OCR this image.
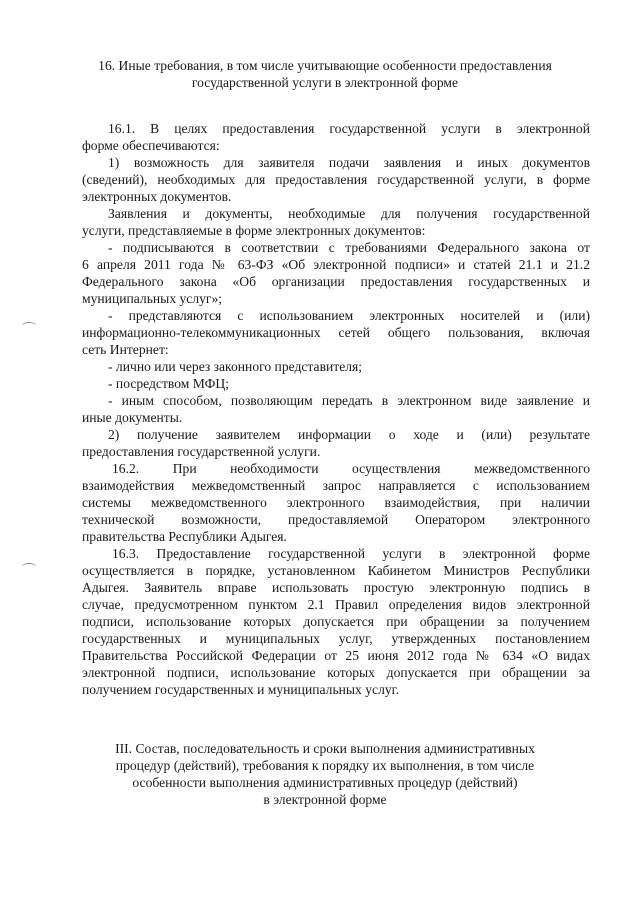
16. Иные требования, в том числе учитывающие особенности предоставления
государственной услуги в электронной форме
16.1. В целях предоставления государственной услуги в электронной
форме обеспечиваются:
1) возможность для заявителя подачи заявления и иных документов
(сведений), необходимых для предоставления государственной услуги, в форме
электронных документов.
Заявления и документы, необходимые для получения государственной
услуги, представляемые в форме электронных документов:
- подписываются в соответствии с требованиями Федерального закона от
6 апреля 2011 года № 63-ФЗ «Об электронной подписи» и статей 21.1 и 21.2
Федерального закона «Об организации предоставления государственных и
муниципальных услуг»;
- представляются с использованием электронных носителей и (или)
информационно-телекоммуникационных сетей общего пользования, включая
сеть Интернет:
- лично или через законного представителя;
- посредством МФЦ;
- иным способом, позволяющим передать в электронном виде заявление и
иные документы.
2) получение заявителем информации о ходе и (или) результате
предоставления государственной услуги.
16.2. При необходимости осуществления межведомственного
взаимодействия межведомственный запрос направляется с использованием
системы межведомственного электронного взаимодействия, при наличии
технической возможности, предоставляемой Оператором электронного
правительства Республики Адыгея.
16.3. Предоставление государственной услуги в электронной форме
осуществляется в порядке, установленном Кабинетом Министров Республики
Адыгея. Заявитель вправе использовать простую электронную подпись в
случае, предусмотренном пунктом 2.1 Правил определения видов электронной
подписи, использование которых допускается при обращении за получением
государственных и муниципальных услуг, утвержденных постановлением
Правительства Российской Федерации от 25 июня 2012 года № 634 «О видах
электронной подписи, использование которых допускается при обращении за
получением государственных и муниципальных услуг.
III. Состав, последовательность и сроки выполнения административных
процедур (действий), требования к порядку их выполнения, в том числе
особенности выполнения административных процедур (действий)
в электронной форме
